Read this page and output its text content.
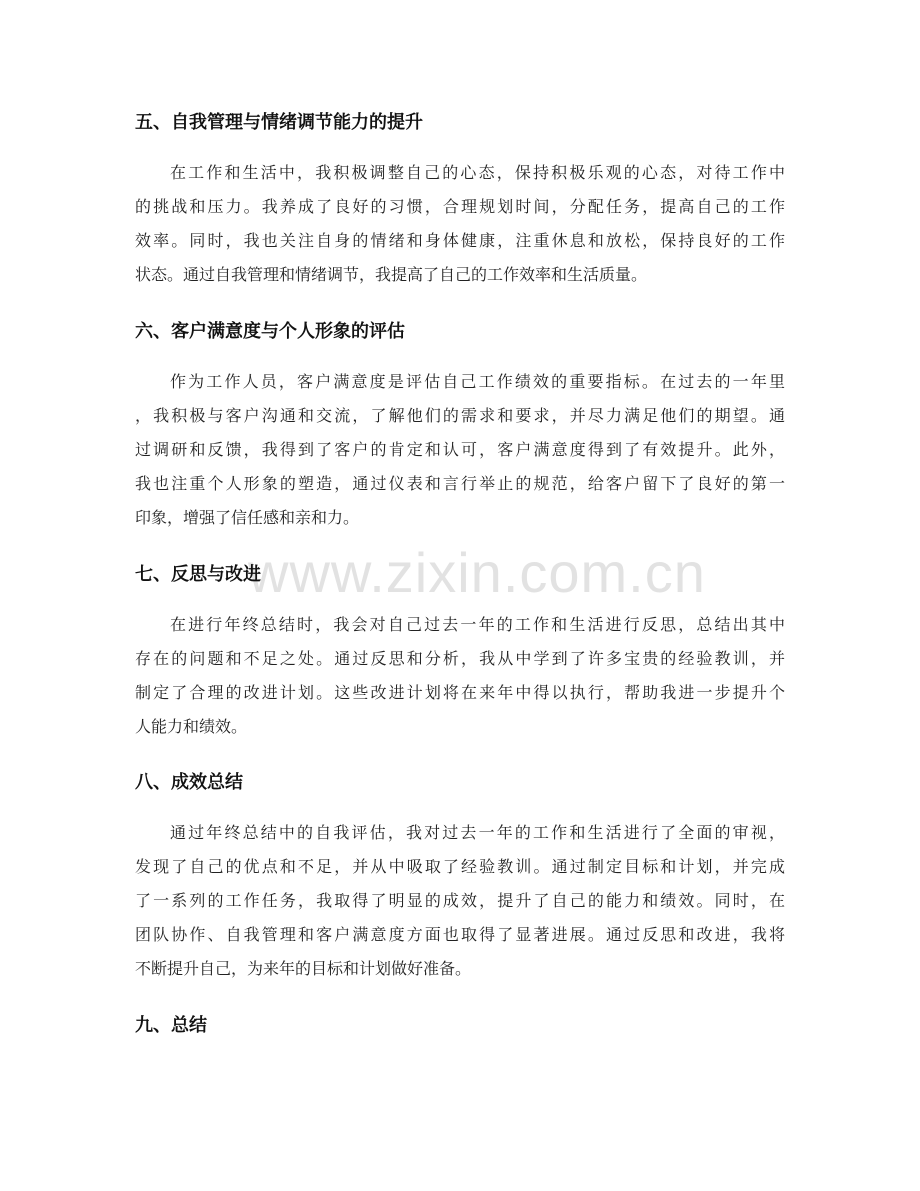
www.zixin.com.cn
五、自我管理与情绪调节能力的提升
在工作和生活中，我积极调整自己的心态，保持积极乐观的心态，对待工作中
的挑战和压力。我养成了良好的习惯，合理规划时间，分配任务，提高自己的工作
效率。同时，我也关注自身的情绪和身体健康，注重休息和放松，保持良好的工作
状态。通过自我管理和情绪调节，我提高了自己的工作效率和生活质量。
六、客户满意度与个人形象的评估
作为工作人员，客户满意度是评估自己工作绩效的重要指标。在过去的一年里
，我积极与客户沟通和交流，了解他们的需求和要求，并尽力满足他们的期望。通
过调研和反馈，我得到了客户的肯定和认可，客户满意度得到了有效提升。此外，
我也注重个人形象的塑造，通过仪表和言行举止的规范，给客户留下了良好的第一
印象，增强了信任感和亲和力。
七、反思与改进
在进行年终总结时，我会对自己过去一年的工作和生活进行反思，总结出其中
存在的问题和不足之处。通过反思和分析，我从中学到了许多宝贵的经验教训，并
制定了合理的改进计划。这些改进计划将在来年中得以执行，帮助我进一步提升个
人能力和绩效。
八、成效总结
通过年终总结中的自我评估，我对过去一年的工作和生活进行了全面的审视，
发现了自己的优点和不足，并从中吸取了经验教训。通过制定目标和计划，并完成
了一系列的工作任务，我取得了明显的成效，提升了自己的能力和绩效。同时，在
团队协作、自我管理和客户满意度方面也取得了显著进展。通过反思和改进，我将
不断提升自己，为来年的目标和计划做好准备。
九、总结
